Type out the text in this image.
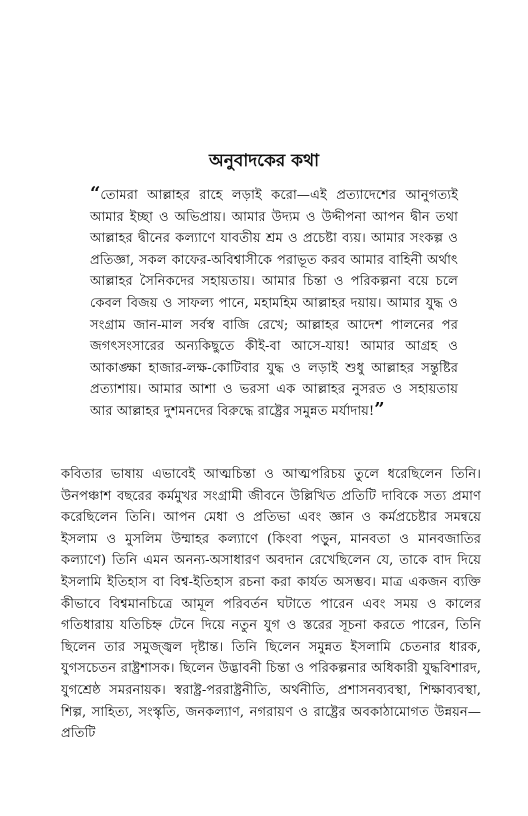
অনুবাদকের কথা
“তোমরা আল্লাহর রাহে লড়াই করো—এই প্রত্যাদেশের আনুগত্যই আমার ইচ্ছা ও অভিপ্রায়। আমার উদ্যম ও উদ্দীপনা আপন দ্বীন তথা আল্লাহর দ্বীনের কল্যাণে যাবতীয় শ্রম ও প্রচেষ্টা ব্যয়। আমার সংকল্প ও প্রতিজ্ঞা, সকল কাফের-অবিশ্বাসীকে পরাভূত করব আমার বাহিনী অর্থাৎ আল্লাহর সৈনিকদের সহায়তায়। আমার চিন্তা ও পরিকল্পনা বয়ে চলে কেবল বিজয় ও সাফল্য পানে, মহামহিম আল্লাহর দয়ায়। আমার যুদ্ধ ও সংগ্রাম জান-মাল সর্বস্ব বাজি রেখে; আল্লাহর আদেশ পালনের পর জগৎসংসারের অন্যকিছুতে কীই-বা আসে-যায়! আমার আগ্রহ ও আকাঙ্ক্ষা হাজার-লক্ষ-কোটিবার যুদ্ধ ও লড়াই শুধু আল্লাহর সন্তুষ্টির প্রত্যাশায়। আমার আশা ও ভরসা এক আল্লাহর নুসরত ও সহায়তায় আর আল্লাহর দুশমনদের বিরুদ্ধে রাষ্ট্রের সমুন্নত মর্যাদায়!”
কবিতার ভাষায় এভাবেই আত্মচিন্তা ও আত্মপরিচয় তুলে ধরেছিলেন তিনি। উনপঞ্চাশ বছরের কর্মমুখর সংগ্রামী জীবনে উল্লিখিত প্রতিটি দাবিকে সত্য প্রমাণ করেছিলেন তিনি। আপন মেধা ও প্রতিভা এবং জ্ঞান ও কর্মপ্রচেষ্টার সমন্বয়ে ইসলাম ও মুসলিম উম্মাহর কল্যাণে (কিংবা পড়ুন, মানবতা ও মানবজাতির কল্যাণে) তিনি এমন অনন্য-অসাধারণ অবদান রেখেছিলেন যে, তাকে বাদ দিয়ে ইসলামি ইতিহাস বা বিশ্ব-ইতিহাস রচনা করা কার্যত অসম্ভব। মাত্র একজন ব্যক্তি কীভাবে বিশ্বমানচিত্রে আমূল পরিবর্তন ঘটাতে পারেন এবং সময় ও কালের গতিধারায় যতিচিহ্ন টেনে দিয়ে নতুন যুগ ও স্তরের সূচনা করতে পারেন, তিনি ছিলেন তার সমুজ্জ্বল দৃষ্টান্ত। তিনি ছিলেন সমুন্নত ইসলামি চেতনার ধারক, যুগসচেতন রাষ্ট্রশাসক। ছিলেন উদ্ভাবনী চিন্তা ও পরিকল্পনার অধিকারী যুদ্ধবিশারদ, যুগশ্রেষ্ঠ সমরনায়ক। স্বরাষ্ট্র-পররাষ্ট্রনীতি, অর্থনীতি, প্রশাসনব্যবস্থা, শিক্ষাব্যবস্থা, শিল্প, সাহিত্য, সংস্কৃতি, জনকল্যাণ, নগরায়ণ ও রাষ্ট্রের অবকাঠামোগত উন্নয়ন—প্রতিটি
